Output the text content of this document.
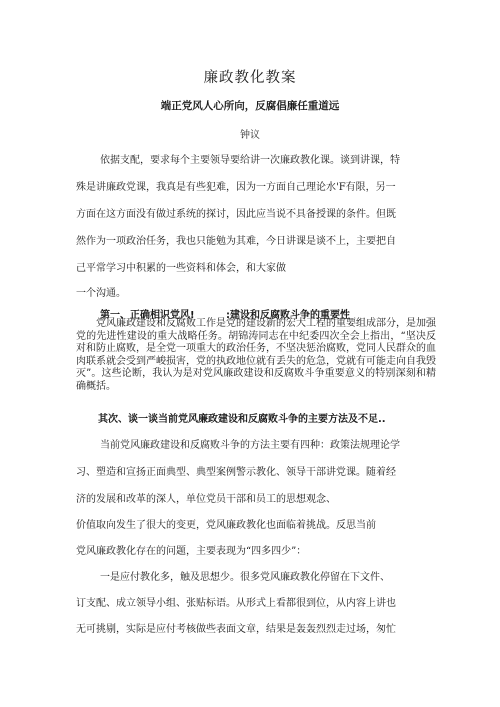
廉政教化教案
端正党风人心所向，反腐倡廉任重道远
钟议
依据支配，要求每个主要领导要给讲一次廉政教化课。谈到讲课，特
殊是讲廉政党课，我真是有些犯难，因为一方面自己理论水'F有限，另一
方面在这方面没有做过系统的探讨，因此应当说不具备授课的条件。但既
然作为一项政治任务，我也只能勉为其难，今日讲课是谈不上，主要把自
己平常学习中积累的一些资料和体会，和大家做
一个沟通。
第一、正确相识党风!	:建设和反腐败斗争的重要性

党风廉政建设和反腐败工作是党的建设新的宏大工程的重要组成部分，是加强党的先进性建设的重大战略任务。胡锦涛同志在中纪委四次全会上指出，“坚决反对和防止腐败，是全党一项重大的政治任务，不坚决惩治腐败，党同人民群众的血肉联系就会受到严峻损害，党的执政地位就有丢失的危急，党就有可能走向自我毁灭”。这些论断，我认为是对党风廉政建设和反腐败斗争重要意义的特别深刻和精确概括。

其次、谈一谈当前党风廉政建设和反腐败斗争的主要方法及不足..
当前党风廉政建设和反腐败斗争的方法主要有四种：政策法规理论学
习、塑造和宣扬正面典型、典型案例警示教化、领导干部讲党课。随着经
济的发展和改革的深人，单位党员干部和员工的思想观念、
价值取向发生了很大的变更，党风廉政教化也面临着挑战。反思当前
党风廉政教化存在的问题，主要表现为“四多四少”：
一是应付教化多，触及思想少。很多党风廉政教化停留在下文件、
订支配、成立领导小组、张贴标语。从形式上看都很到位，从内容上讲也
无可挑剔，实际是应付考核做些表面文章，结果是轰轰烈烈走过场，匆忙
